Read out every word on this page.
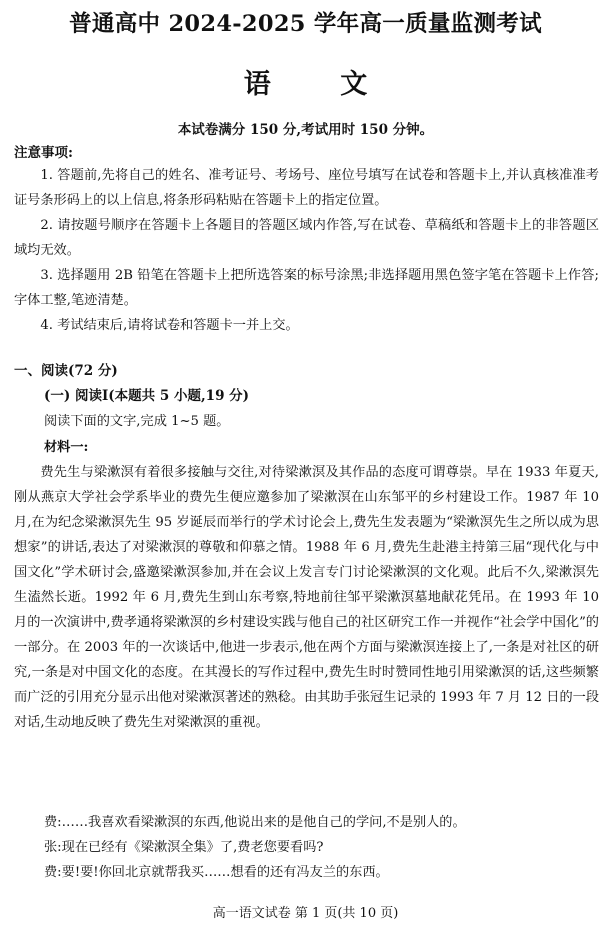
普通高中 2024-2025 学年高一质量监测考试
语 文
本试卷满分 150 分,考试用时 150 分钟。
注意事项:

1. 答题前,先将自己的姓名、准考证号、考场号、座位号填写在试卷和答题卡上,并认真核准准考证号条形码上的以上信息,将条形码粘贴在答题卡上的指定位置。

2. 请按题号顺序在答题卡上各题目的答题区域内作答,写在试卷、草稿纸和答题卡上的非答题区域均无效。

3. 选择题用 2B 铅笔在答题卡上把所选答案的标号涂黑;非选择题用黑色签字笔在答题卡上作答;字体工整,笔迹清楚。

4. 考试结束后,请将试卷和答题卡一并上交。

一、阅读(72 分)
(一) 阅读Ⅰ(本题共 5 小题,19 分)
阅读下面的文字,完成 1~5 题。
材料一:

费先生与梁漱溟有着很多接触与交往,对待梁漱溟及其作品的态度可谓尊崇。早在 1933 年夏天,刚从燕京大学社会学系毕业的费先生便应邀参加了梁漱溟在山东邹平的乡村建设工作。1987 年 10 月,在为纪念梁漱溟先生 95 岁诞辰而举行的学术讨论会上,费先生发表题为“梁漱溟先生之所以成为思想家”的讲话,表达了对梁漱溟的尊敬和仰慕之情。1988 年 6 月,费先生赴港主持第三届“现代化与中国文化”学术研讨会,盛邀梁漱溟参加,并在会议上发言专门讨论梁漱溟的文化观。此后不久,梁漱溟先生溘然长逝。1992 年 6 月,费先生到山东考察,特地前往邹平梁漱溟墓地献花凭吊。在 1993 年 10 月的一次演讲中,费孝通将梁漱溟的乡村建设实践与他自己的社区研究工作一并视作“社会学中国化”的一部分。在 2003 年的一次谈话中,他进一步表示,他在两个方面与梁漱溟连接上了,一条是对社区的研究,一条是对中国文化的态度。在其漫长的写作过程中,费先生时时赞同性地引用梁漱溟的话,这些频繁而广泛的引用充分显示出他对梁漱溟著述的熟稔。由其助手张冠生记录的 1993 年 7 月 12 日的一段对话,生动地反映了费先生对梁漱溟的重视。

费:……我喜欢看梁漱溟的东西,他说出来的是他自己的学问,不是别人的。
张:现在已经有《梁漱溟全集》了,费老您要看吗?
费:要!要!你回北京就帮我买……想看的还有冯友兰的东西。
高一语文试卷 第 1 页(共 10 页)
